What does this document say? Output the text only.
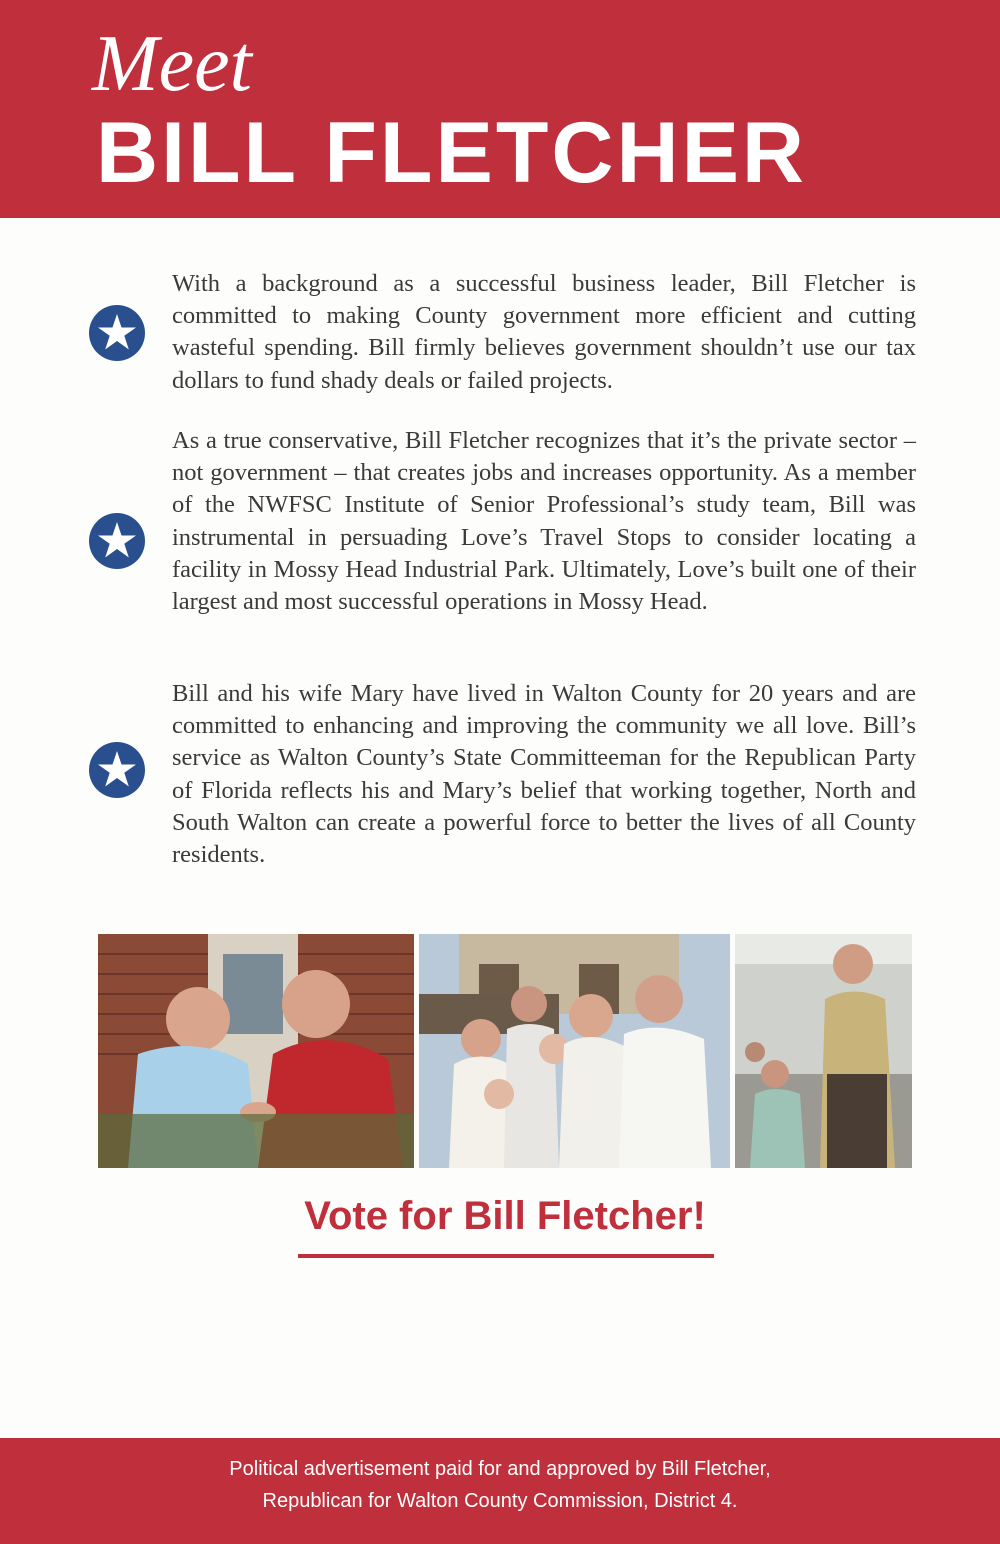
Meet
BILL FLETCHER

With a background as a successful business leader, Bill Fletcher is committed to making County government more efficient and cutting wasteful spending. Bill firmly believes government shouldn’t use our tax dollars to fund shady deals or failed projects.

As a true conservative, Bill Fletcher recognizes that it’s the private sector – not government – that creates jobs and increases opportunity. As a member of the NWFSC Institute of Senior Professional’s study team, Bill was instrumental in persuading Love’s Travel Stops to consider locating a facility in Mossy Head Industrial Park. Ultimately, Love’s built one of their largest and most successful operations in Mossy Head.

Bill and his wife Mary have lived in Walton County for 20 years and are committed to enhancing and improving the community we all love. Bill’s service as Walton County’s State Committeeman for the Republican Party of Florida reflects his and Mary’s belief that working together, North and South Walton can create a powerful force to better the lives of all County residents.

Vote for Bill Fletcher!
Political advertisement paid for and approved by Bill Fletcher,
Republican for Walton County Commission, District 4.
